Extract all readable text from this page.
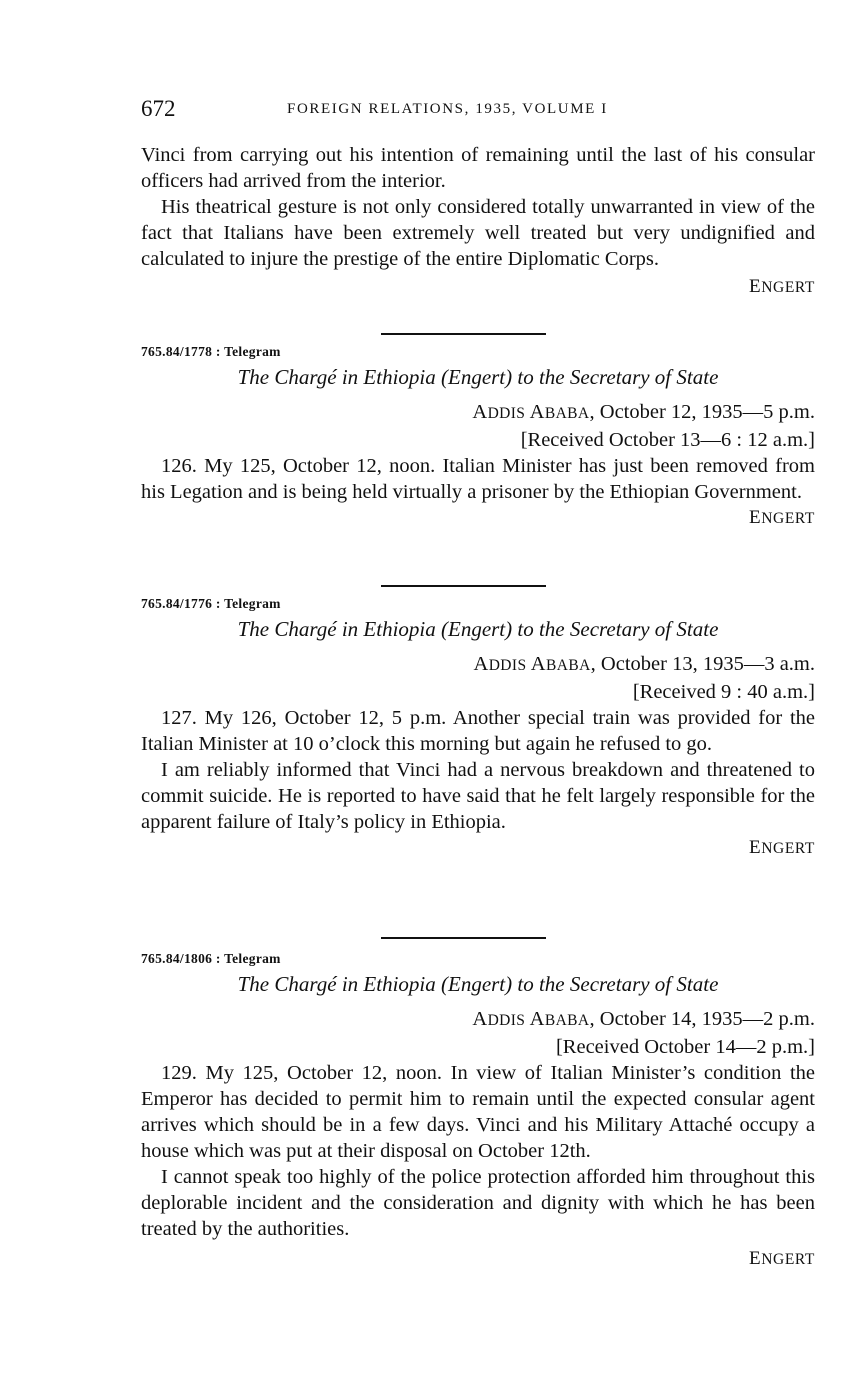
672	FOREIGN RELATIONS, 1935, VOLUME I

Vinci from carrying out his intention of remaining until the last of his consular officers had arrived from the interior.

His theatrical gesture is not only considered totally unwarranted in view of the fact that Italians have been extremely well treated but very undignified and calculated to injure the prestige of the entire Diplomatic Corps.

ENGERT

765.84/1778 : Telegram
The Chargé in Ethiopia (Engert) to the Secretary of State
ADDIS ABABA, October 12, 1935—5 p.m.
[Received October 13—6 : 12 a.m.]

126. My 125, October 12, noon. Italian Minister has just been removed from his Legation and is being held virtually a prisoner by the Ethiopian Government.

ENGERT

765.84/1776 : Telegram
The Chargé in Ethiopia (Engert) to the Secretary of State
ADDIS ABABA, October 13, 1935—3 a.m.
[Received 9 : 40 a.m.]

127. My 126, October 12, 5 p.m. Another special train was provided for the Italian Minister at 10 o’clock this morning but again he refused to go.

I am reliably informed that Vinci had a nervous breakdown and threatened to commit suicide. He is reported to have said that he felt largely responsible for the apparent failure of Italy’s policy in Ethiopia.

ENGERT

765.84/1806 : Telegram
The Chargé in Ethiopia (Engert) to the Secretary of State
ADDIS ABABA, October 14, 1935—2 p.m.
[Received October 14—2 p.m.]

129. My 125, October 12, noon. In view of Italian Minister’s condition the Emperor has decided to permit him to remain until the expected consular agent arrives which should be in a few days. Vinci and his Military Attaché occupy a house which was put at their disposal on October 12th.

I cannot speak too highly of the police protection afforded him throughout this deplorable incident and the consideration and dignity with which he has been treated by the authorities.

ENGERT
